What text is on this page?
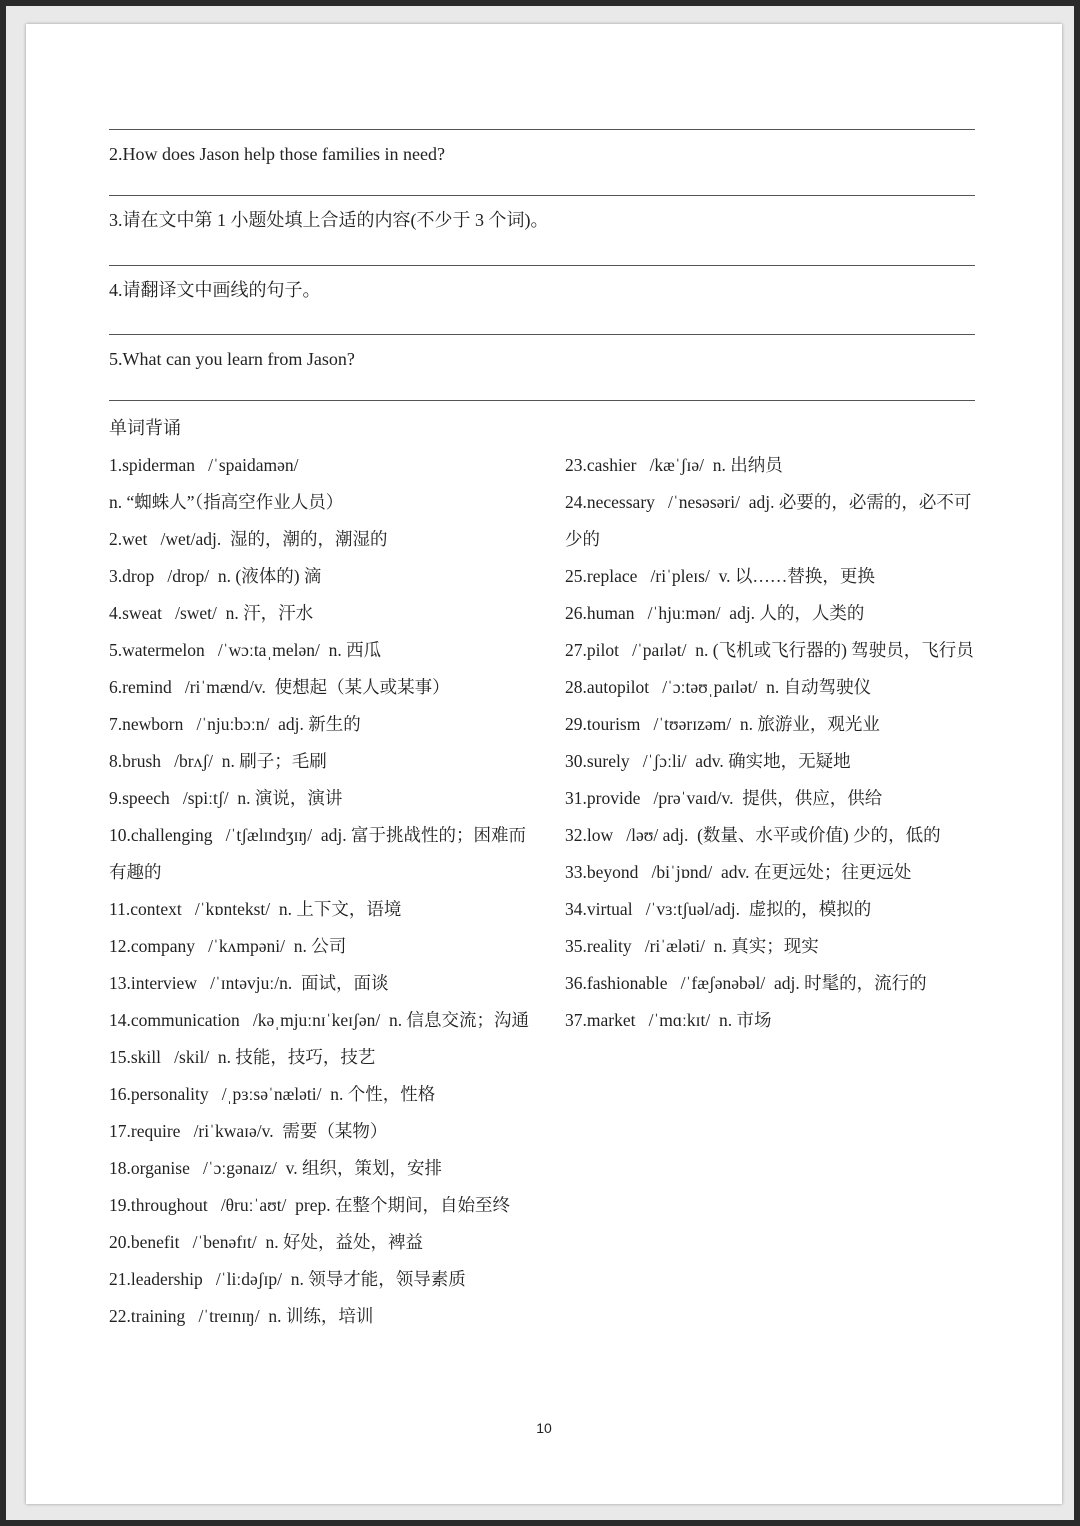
2.How does Jason help those families in need?
3.请在文中第 1 小题处填上合适的内容(不少于 3 个词)。
4.请翻译文中画线的句子。
5.What can you learn from Jason?
单词背诵
1.spiderman /ˈspaidamən/  n. “蜘蛛人”（指高空作业人员）
2.wet /wet/adj. 湿的，潮的，潮湿的
3.drop /drop/ n. (液体的) 滴
4.sweat /swet/ n. 汗，汗水
5.watermelon /ˈwɔːtaˌmelən/ n. 西瓜
6.remind /riˈmænd/v. 使想起（某人或某事）
7.newborn /ˈnjuːbɔːn/ adj. 新生的
8.brush /brʌʃ/ n. 刷子；毛刷
9.speech /spiːtʃ/ n. 演说，演讲
10.challenging /ˈtʃælɪndʒɪŋ/ adj. 富于挑战性的；困难而有趣的
11.context /ˈkɒntekst/ n. 上下文，语境
12.company /ˈkʌmpəni/ n. 公司
13.interview /ˈɪntəvjuː/n. 面试，面谈
14.communication /kəˌmjuːnɪˈkeɪʃən/ n. 信息交流；沟通
15.skill /skil/ n. 技能，技巧，技艺
16.personality /ˌpɜːsəˈnæləti/ n. 个性，性格
17.require /riˈkwaɪə/v. 需要（某物）
18.organise /ˈɔːgənaɪz/ v. 组织，策划，安排
19.throughout /θruːˈaʊt/ prep. 在整个期间，自始至终
20.benefit /ˈbenəfɪt/ n. 好处，益处，裨益
21.leadership /ˈliːdəʃɪp/ n. 领导才能，领导素质
22.training /ˈtreɪnɪŋ/ n. 训练，培训
23.cashier /kæˈʃɪə/ n. 出纳员
24.necessary /ˈnesəsəri/ adj. 必要的，必需的，必不可少的
25.replace /riˈpleɪs/ v. 以……替换，更换
26.human /ˈhjuːmən/ adj. 人的，人类的
27.pilot /ˈpaɪlət/ n. (飞机或飞行器的) 驾驶员，飞行员
28.autopilot /ˈɔːtəʊˌpaɪlət/ n. 自动驾驶仪
29.tourism /ˈtʊərɪzəm/ n. 旅游业，观光业
30.surely /ˈʃɔːli/ adv. 确实地，无疑地
31.provide /prəˈvaɪd/v. 提供，供应，供给
32.low /ləʊ/ adj. (数量、水平或价值) 少的，低的
33.beyond /biˈjɒnd/ adv. 在更远处；往更远处
34.virtual /ˈvɜːtʃuəl/adj. 虚拟的，模拟的
35.reality /riˈæləti/ n. 真实；现实
36.fashionable /ˈfæʃənəbəl/ adj. 时髦的，流行的
37.market /ˈmɑːkɪt/ n. 市场
10
